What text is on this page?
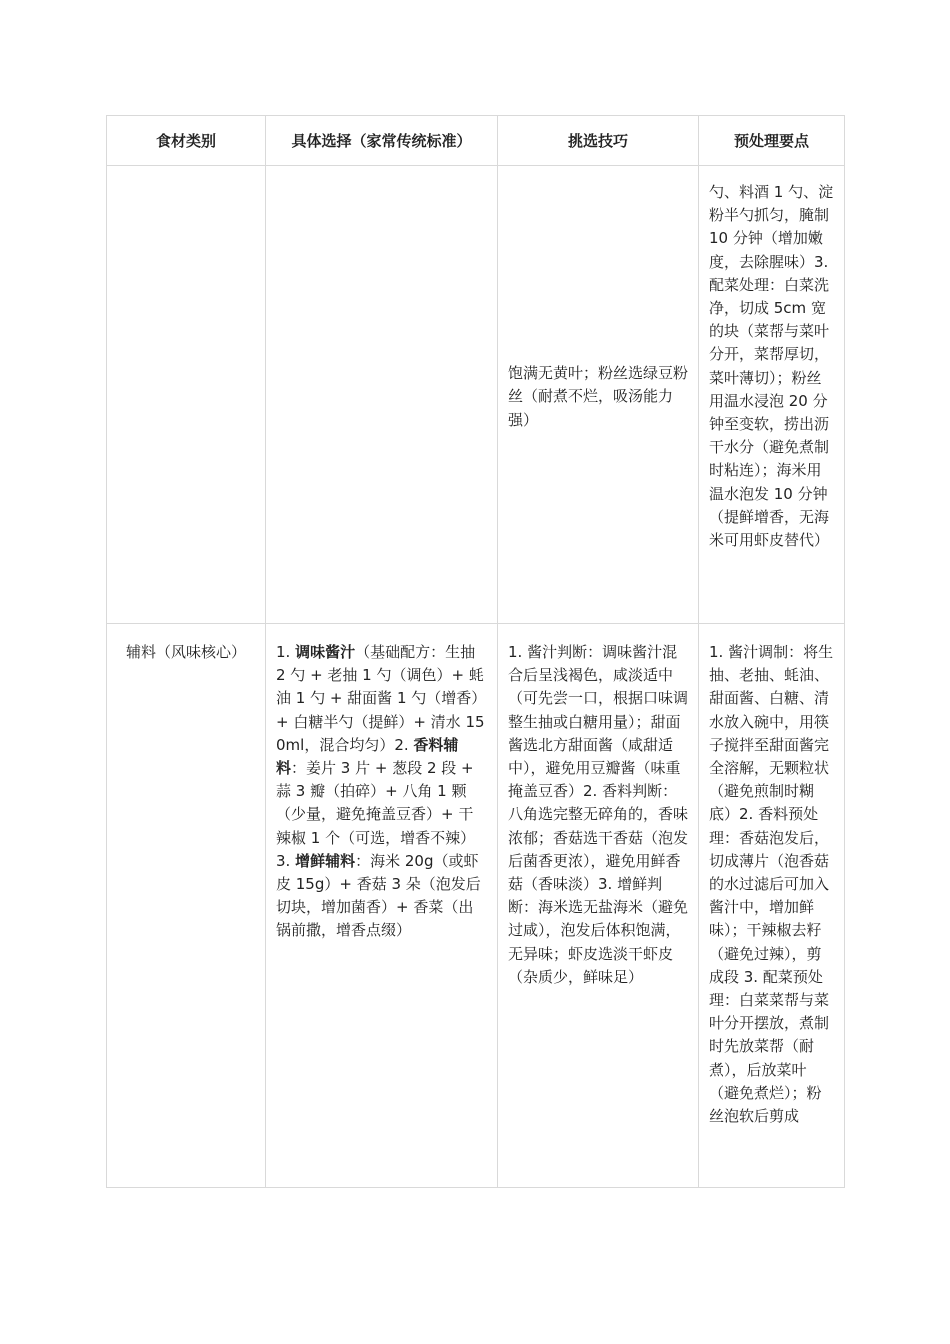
食材类别	具体选择（家常传统标准）	挑选技巧	预处理要点
		饱满无黄叶；粉丝选绿豆粉丝（耐煮不烂，吸汤能力强）	勺、料酒 1 勺、淀粉半勺抓匀，腌制 10 分钟（增加嫩度，去除腥味）3. 配菜处理：白菜洗净，切成 5cm 宽的块（菜帮与菜叶分开，菜帮厚切，菜叶薄切）；粉丝用温水浸泡 20 分钟至变软，捞出沥干水分（避免煮制时粘连）；海米用温水泡发 10 分钟（提鲜增香，无海米可用虾皮替代）
辅料（风味核心）	1. 调味酱汁（基础配方：生抽 2 勺 + 老抽 1 勺（调色）+ 蚝油 1 勺 + 甜面酱 1 勺（增香）+ 白糖半勺（提鲜）+ 清水 150ml，混合均匀）2. 香料辅料：姜片 3 片 + 葱段 2 段 + 蒜 3 瓣（拍碎）+ 八角 1 颗（少量，避免掩盖豆香）+ 干辣椒 1 个（可选，增香不辣）3. 增鲜辅料：海米 20g（或虾皮 15g）+ 香菇 3 朵（泡发后切块，增加菌香）+ 香菜（出锅前撒，增香点缀）	1. 酱汁判断：调味酱汁混合后呈浅褐色，咸淡适中（可先尝一口，根据口味调整生抽或白糖用量）；甜面酱选北方甜面酱（咸甜适中），避免用豆瓣酱（味重掩盖豆香）2. 香料判断：八角选完整无碎角的，香味浓郁；香菇选干香菇（泡发后菌香更浓），避免用鲜香菇（香味淡）3. 增鲜判断：海米选无盐海米（避免过咸），泡发后体积饱满，无异味；虾皮选淡干虾皮（杂质少，鲜味足）	1. 酱汁调制：将生抽、老抽、蚝油、甜面酱、白糖、清水放入碗中，用筷子搅拌至甜面酱完全溶解，无颗粒状（避免煎制时糊底）2. 香料预处理：香菇泡发后，切成薄片（泡香菇的水过滤后可加入酱汁中，增加鲜味）；干辣椒去籽（避免过辣），剪成段 3. 配菜预处理：白菜菜帮与菜叶分开摆放，煮制时先放菜帮（耐煮），后放菜叶（避免煮烂）；粉丝泡软后剪成
